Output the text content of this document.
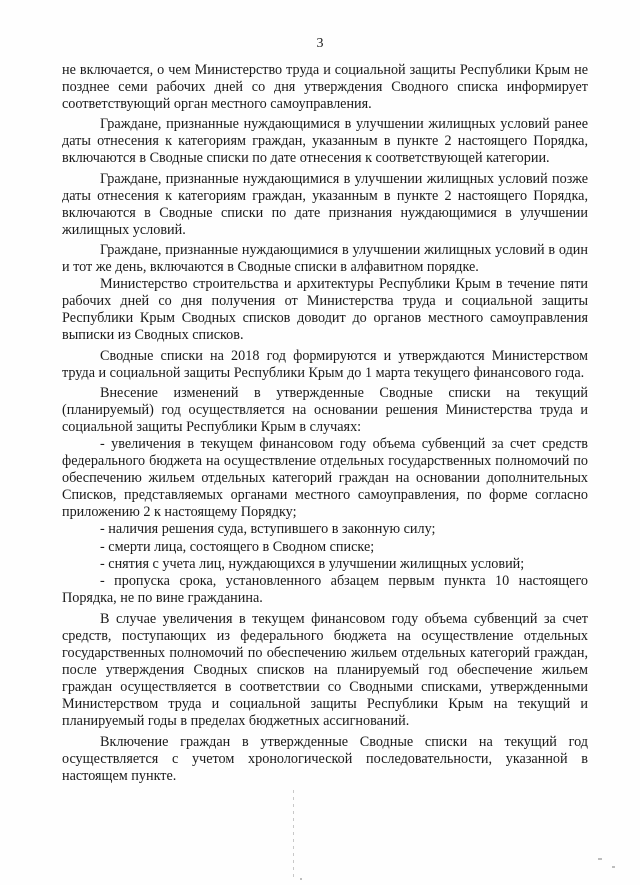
3

не включается, о чем Министерство труда и социальной защиты Республики Крым не позднее семи рабочих дней со дня утверждения Сводного списка информирует соответствующий орган местного самоуправления.

Граждане, признанные нуждающимися в улучшении жилищных условий ранее даты отнесения к категориям граждан, указанным в пункте 2 настоящего Порядка, включаются в Сводные списки по дате отнесения к соответствующей категории.

Граждане, признанные нуждающимися в улучшении жилищных условий позже даты отнесения к категориям граждан, указанным в пункте 2 настоящего Порядка, включаются в Сводные списки по дате признания нуждающимися в улучшении жилищных условий.

Граждане, признанные нуждающимися в улучшении жилищных условий в один и тот же день, включаются в Сводные списки в алфавитном порядке.

Министерство строительства и архитектуры Республики Крым в течение пяти рабочих дней со дня получения от Министерства труда и социальной защиты Республики Крым Сводных списков доводит до органов местного самоуправления выписки из Сводных списков.

Сводные списки на 2018 год формируются и утверждаются Министерством труда и социальной защиты Республики Крым до 1 марта текущего финансового года.

Внесение изменений в утвержденные Сводные списки на текущий (планируемый) год осуществляется на основании решения Министерства труда и социальной защиты Республики Крым в случаях:

- увеличения в текущем финансовом году объема субвенций за счет средств федерального бюджета на осуществление отдельных государственных полномочий по обеспечению жильем отдельных категорий граждан на основании дополнительных Списков, представляемых органами местного самоуправления, по форме согласно приложению 2 к настоящему Порядку;

- наличия решения суда, вступившего в законную силу;

- смерти лица, состоящего в Сводном списке;

- снятия с учета лиц, нуждающихся в улучшении жилищных условий;

- пропуска срока, установленного абзацем первым пункта 10 настоящего Порядка, не по вине гражданина.

В случае увеличения в текущем финансовом году объема субвенций за счет средств, поступающих из федерального бюджета на осуществление отдельных государственных полномочий по обеспечению жильем отдельных категорий граждан, после утверждения Сводных списков на планируемый год обеспечение жильем граждан осуществляется в соответствии со Сводными списками, утвержденными Министерством труда и социальной защиты Республики Крым на текущий и планируемый годы в пределах бюджетных ассигнований.

Включение граждан в утвержденные Сводные списки на текущий год осуществляется с учетом хронологической последовательности, указанной в настоящем пункте.
